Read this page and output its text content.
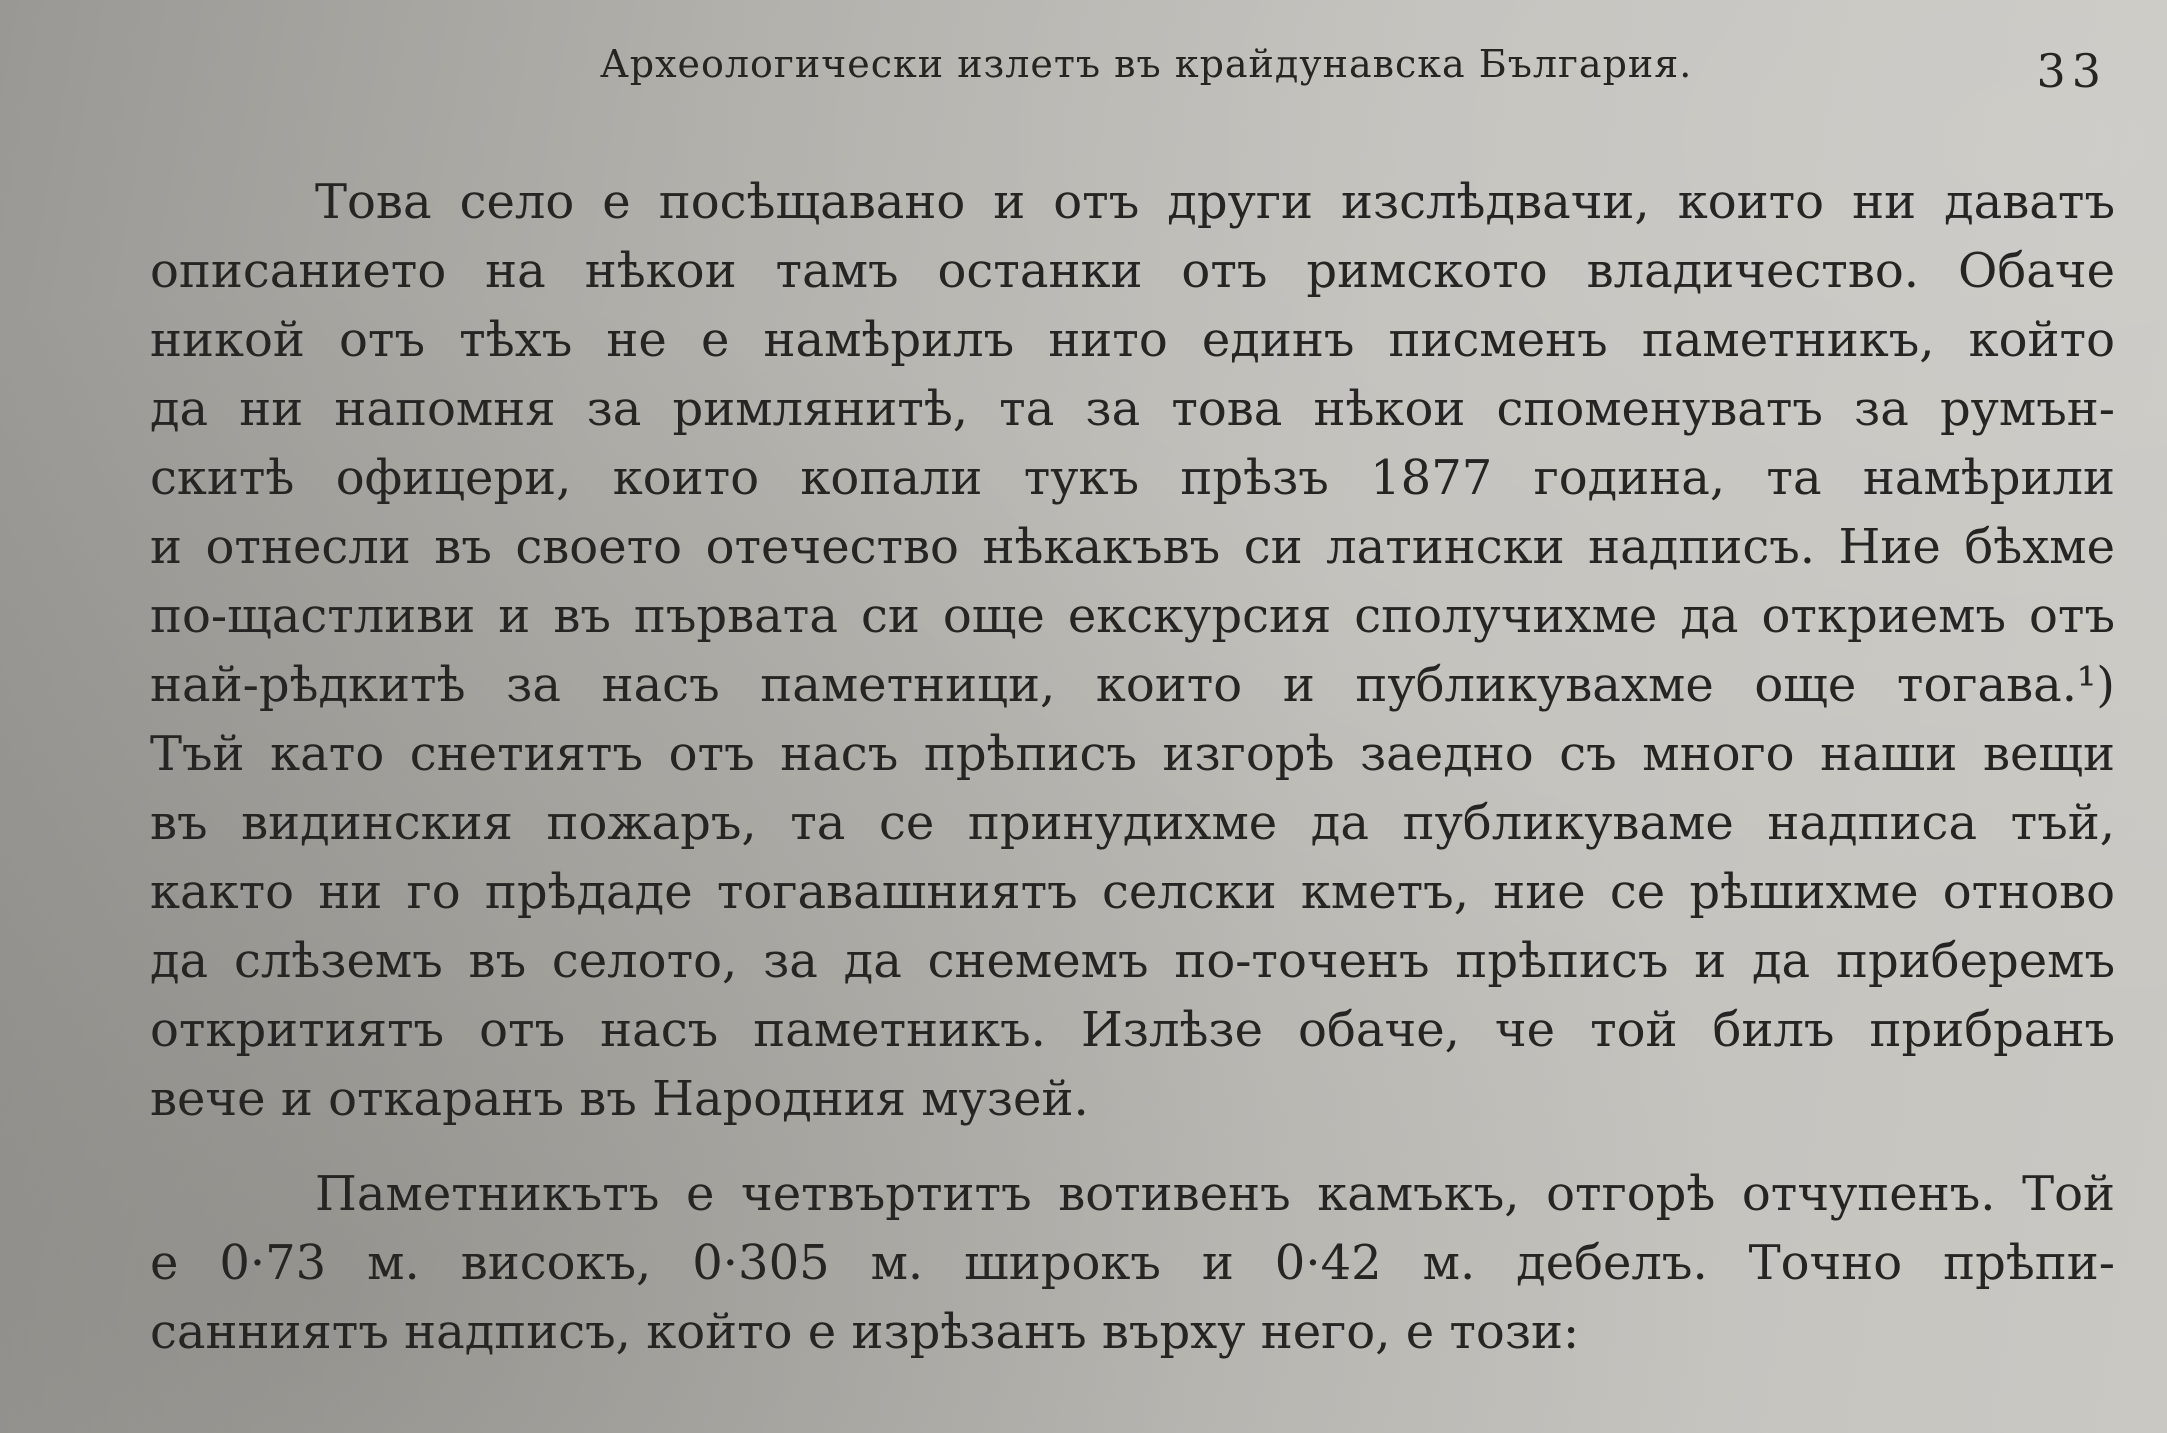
Археологически излетъ въ крайдунавска България.	33
Това село е посѣщавано и отъ други изслѣдвачи, които ни даватъ
описанието на нѣкои тамъ останки отъ римското владичество. Обаче
никой отъ тѣхъ не е намѣрилъ нито единъ писменъ паметникъ, който
да ни напомня за римлянитѣ, та за това нѣкои споменуватъ за румън-
скитѣ офицери, които копали тукъ прѣзъ 1877 година, та намѣрили
и отнесли въ своето отечество нѣкакъвъ си латински надписъ. Ние бѣхме
по-щастливи и въ първата си още екскурсия сполучихме да откриемъ отъ
най-рѣдкитѣ за насъ паметници, които и публикувахме още тогава.¹)
Тъй като снетиятъ отъ насъ прѣписъ изгорѣ заедно съ много наши вещи
въ видинския пожаръ, та се принудихме да публикуваме надписа тъй,
както ни го прѣдаде тогавашниятъ селски кметъ, ние се рѣшихме отново
да слѣземъ въ селото, за да снемемъ по-точенъ прѣписъ и да приберемъ
откритиятъ отъ насъ паметникъ. Излѣзе обаче, че той билъ прибранъ
вече и откаранъ въ Народния музей.
Паметникътъ е четвъртитъ вотивенъ камъкъ, отгорѣ отчупенъ. Той
е 0·73 м. високъ, 0·305 м. широкъ и 0·42 м. дебелъ. Точно прѣпи-
санниятъ надписъ, който е изрѣзанъ върху него, е този:
